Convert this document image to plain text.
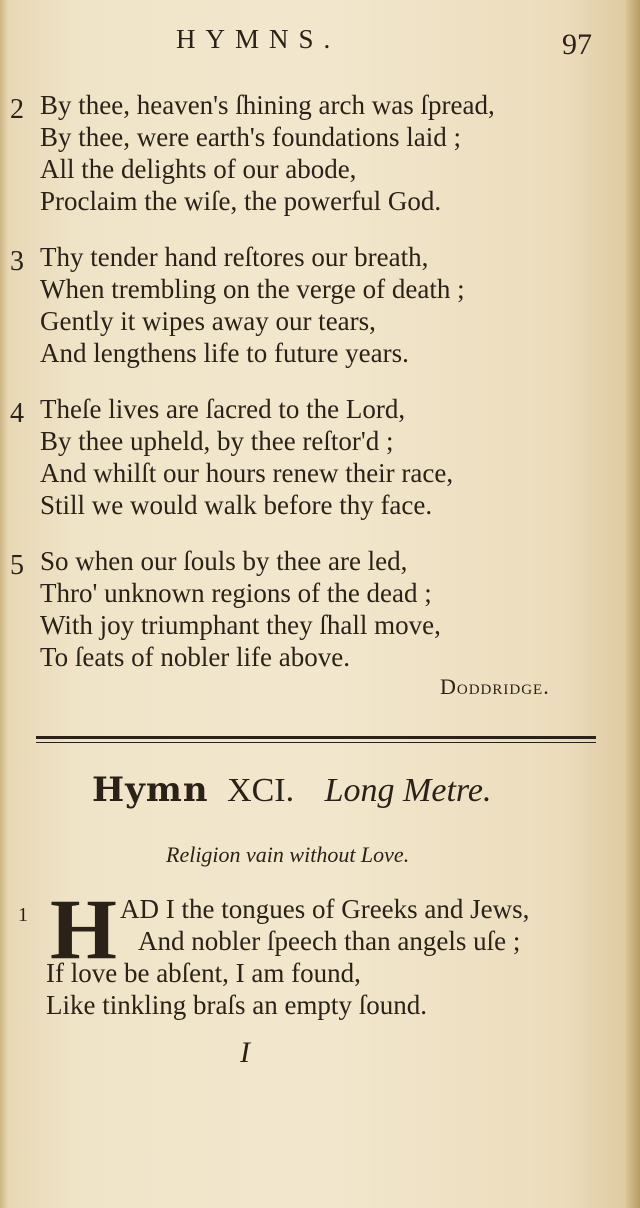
HYMNS.	97
2 By thee, heaven's ſhining arch was ſpread,
By thee, were earth's foundations laid ;
All the delights of our abode,
Proclaim the wiſe, the powerful God.
3 Thy tender hand reſtores our breath,
When trembling on the verge of death ;
Gently it wipes away our tears,
And lengthens life to future years.
4 Theſe lives are ſacred to the Lord,
By thee upheld, by thee reſtor'd ;
And whilſt our hours renew their race,
Still we would walk before thy face.
5 So when our ſouls by thee are led,
Thro' unknown regions of the dead ;
With joy triumphant they ſhall move,
To ſeats of nobler life above.
Doddridge.
Hymn XCI. Long Metre.
Religion vain without Love.
1 H AD I the tongues of Greeks and Jews,
And nobler ſpeech than angels uſe ;
If love be abſent, I am found,
Like tinkling braſs an empty ſound.
I
